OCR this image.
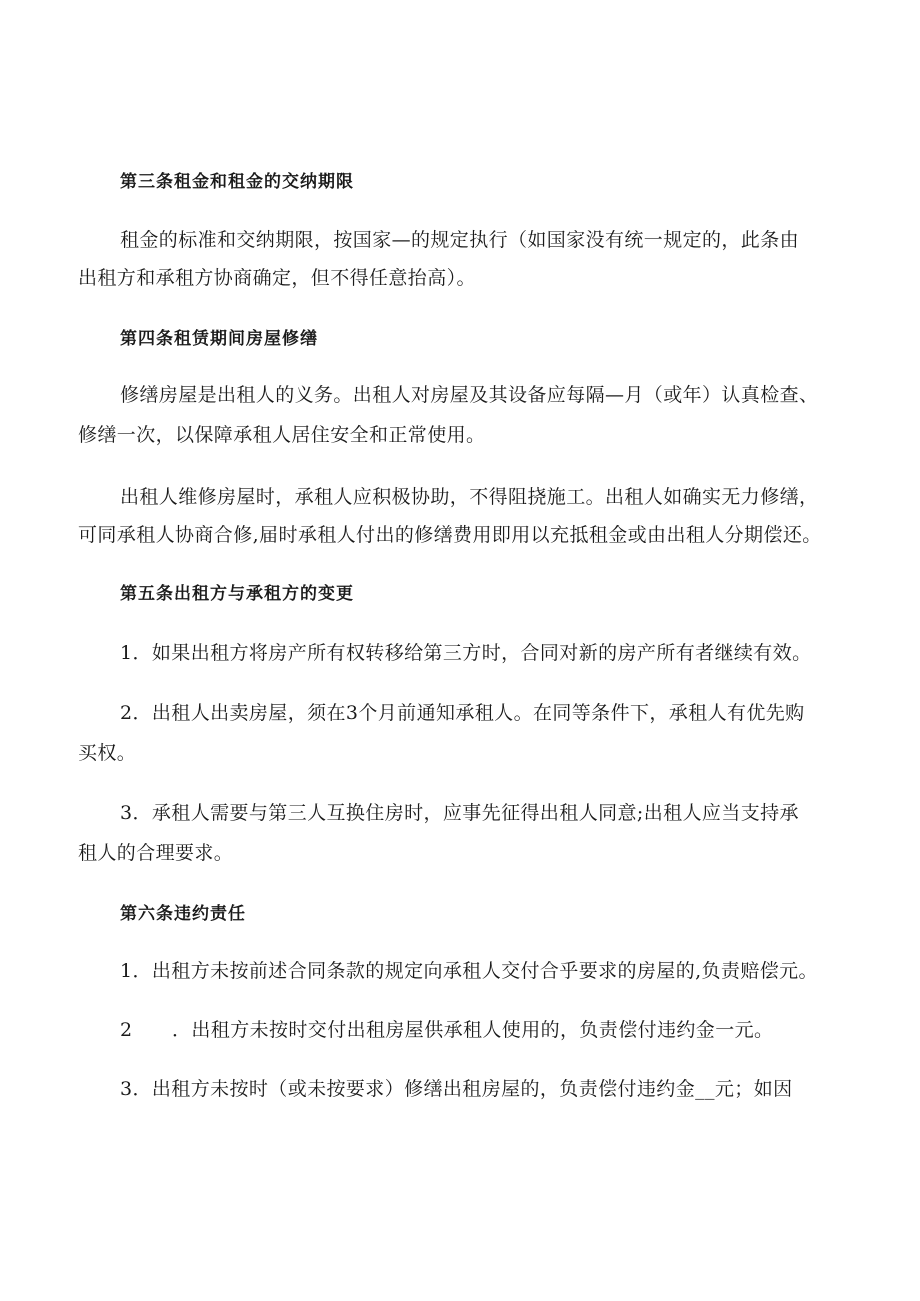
第三条租金和租金的交纳期限
租金的标准和交纳期限，按国家—的规定执行（如国家没有统一规定的，此条由
出租方和承租方协商确定，但不得任意抬高）。
第四条租赁期间房屋修缮
修缮房屋是出租人的义务。出租人对房屋及其设备应每隔—月（或年）认真检查、
修缮一次，以保障承租人居住安全和正常使用。
出租人维修房屋时，承租人应积极协助，不得阻挠施工。出租人如确实无力修缮，
可同承租人协商合修,届时承租人付出的修缮费用即用以充抵租金或由出租人分期偿还。
第五条出租方与承租方的变更
1．如果出租方将房产所有权转移给第三方时，合同对新的房产所有者继续有效。
2．出租人出卖房屋，须在3个月前通知承租人。在同等条件下，承租人有优先购
买权。
3．承租人需要与第三人互换住房时，应事先征得出租人同意;出租人应当支持承
租人的合理要求。
第六条违约责任
1．出租方未按前述合同条款的规定向承租人交付合乎要求的房屋的,负责赔偿元。
2 ．出租方未按时交付出租房屋供承租人使用的，负责偿付违约金一元。
3．出租方未按时（或未按要求）修缮出租房屋的，负责偿付违约金__元；如因
